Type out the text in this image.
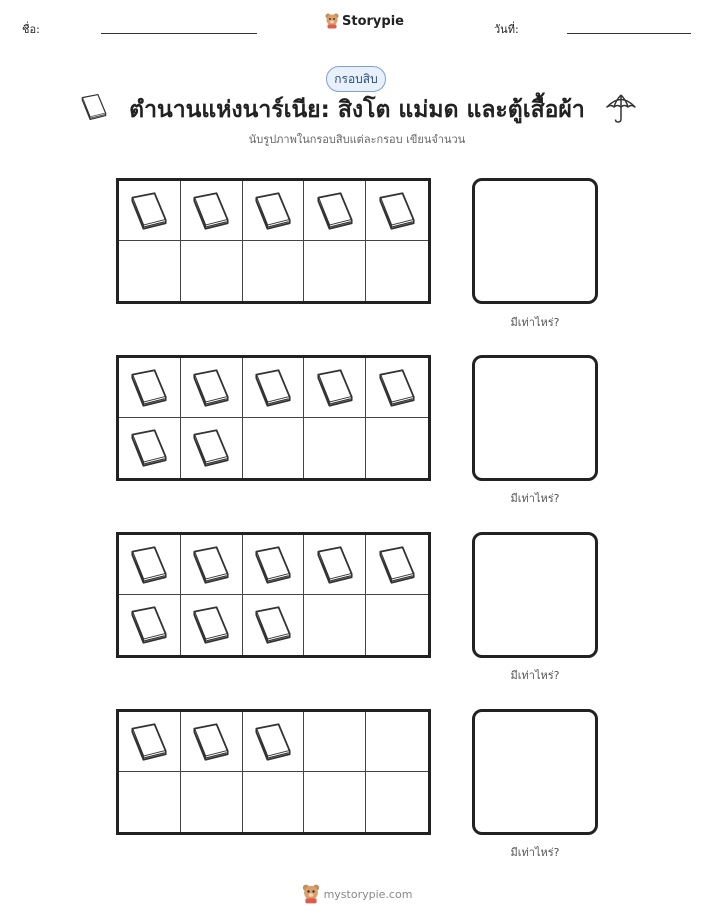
ชื่อ:
Storypie
วันที่:
กรอบสิบ
ตำนานแห่งนาร์เนีย: สิงโต แม่มด และตู้เสื้อผ้า
นับรูปภาพในกรอบสิบแต่ละกรอบ เขียนจำนวน
มีเท่าไหร่?
มีเท่าไหร่?
มีเท่าไหร่?
มีเท่าไหร่?
mystorypie.com
